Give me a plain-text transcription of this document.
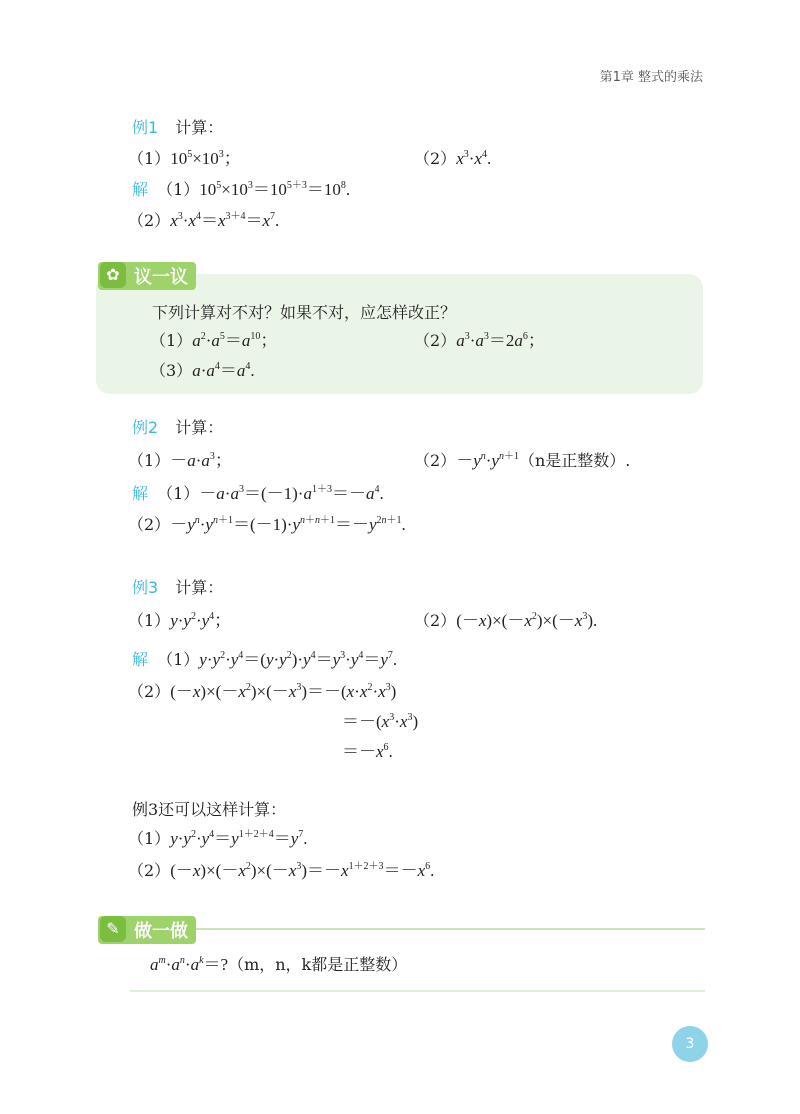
第1章 整式的乘法
例1 计算：
$(1)10^5\times 10^3$；	$(2)x^3\cdot x^4$.
解 $(1)10^5\times 10^3=10^{5+3}=10^8$.
$(2)x^3\cdot x^4=x^{3+4}=x^7$.
议一议
✿
下列计算对不对？如果不对，应怎样改正？
$(1)a^2\cdot a^5=a^{10}$；	$(2)a^3\cdot a^3=2a^6$；
$(3)a\cdot a^4=a^4$.
例2 计算：
$(1)-a\cdot a^3$；	$(2)-y^n\cdot y^{n+1}(n$是正整数）.
解 $(1)-a\cdot a^3=(-1)\cdot a^{1+3}=-a^4$.
$(2)-y^n\cdot y^{n+1}=(-1)\cdot y^{n+n+1}=-y^{2n+1}$.
例3 计算：
$(1)y\cdot y^2\cdot y^4$；	$(2)(-x)\times(-x^2)\times(-x^3)$.
解 $(1)y\cdot y^2\cdot y^4=(y\cdot y^2)\cdot y^4=y^3\cdot y^4=y^7$.
$(2)(-x)\times(-x^2)\times(-x^3)=-(x\cdot x^2\cdot x^3)$
$=-(x^3\cdot x^3)$
$=-x^6$.
例3还可以这样计算：
$(1)y\cdot y^2\cdot y^4=y^{1+2+4}=y^7$.
$(2)(-x)\times(-x^2)\times(-x^3)=-x^{1+2+3}=-x^6$.
做一做
✎
$a^m\cdot a^n\cdot a^k=?(m$，n，k都是正整数）
3
